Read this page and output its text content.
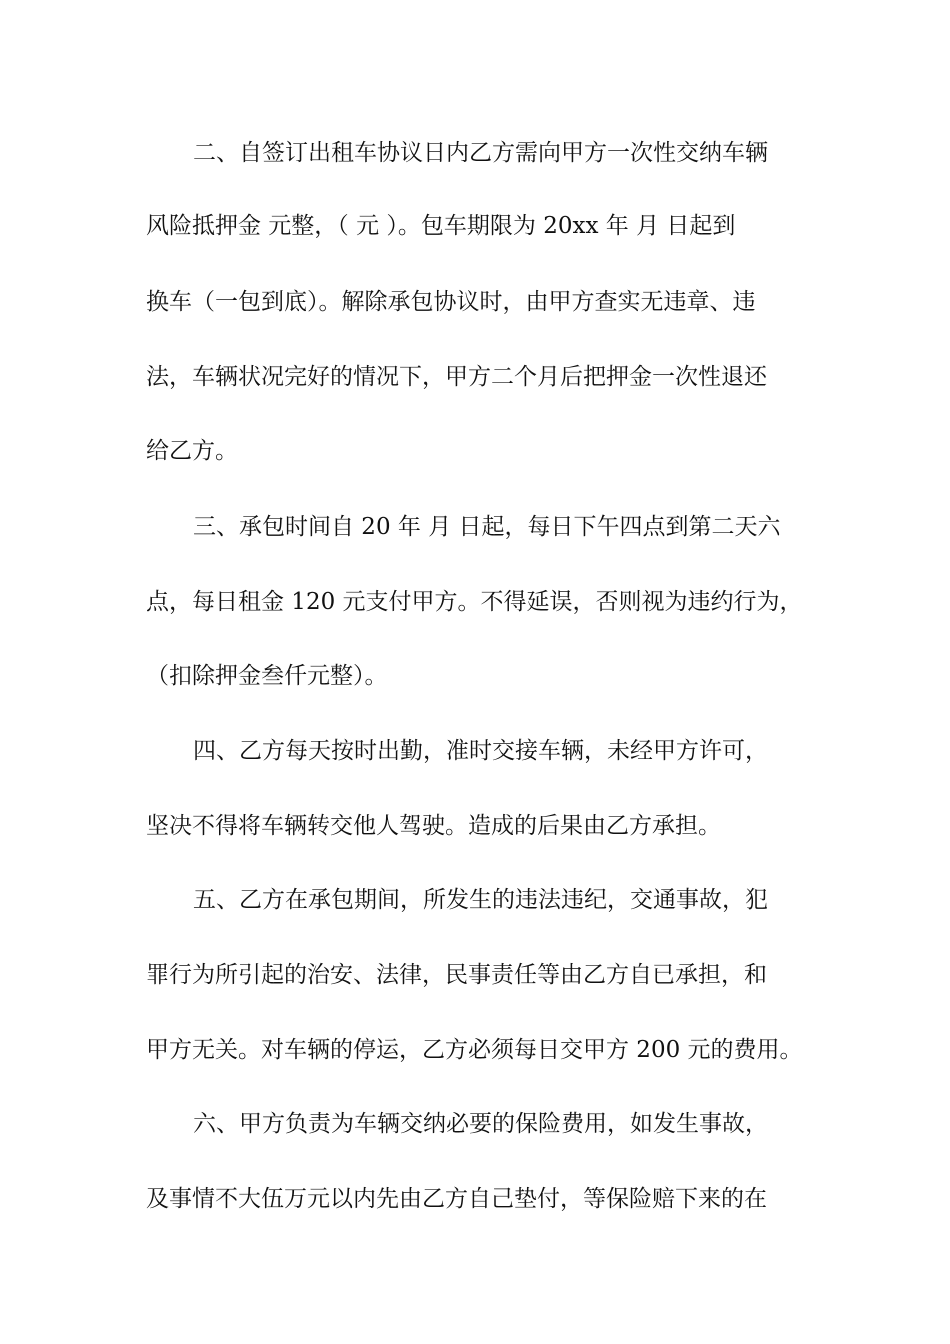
二、自签订出租车协议日内乙方需向甲方一次性交纳车辆
风险抵押金 元整，（ 元 ）。包车期限为 20xx 年 月 日起到
换车（一包到底）。解除承包协议时，由甲方查实无违章、违
法，车辆状况完好的情况下，甲方二个月后把押金一次性退还
给乙方。
三、承包时间自 20 年 月 日起，每日下午四点到第二天六
点，每日租金 120 元支付甲方。不得延误，否则视为违约行为，
（扣除押金叁仟元整）。
四、乙方每天按时出勤，准时交接车辆，未经甲方许可，
坚决不得将车辆转交他人驾驶。造成的后果由乙方承担。
五、乙方在承包期间，所发生的违法违纪，交通事故，犯
罪行为所引起的治安、法律，民事责任等由乙方自已承担，和
甲方无关。对车辆的停运，乙方必须每日交甲方 200 元的费用。
六、甲方负责为车辆交纳必要的保险费用，如发生事故，
及事情不大伍万元以内先由乙方自己垫付，等保险赔下来的在
